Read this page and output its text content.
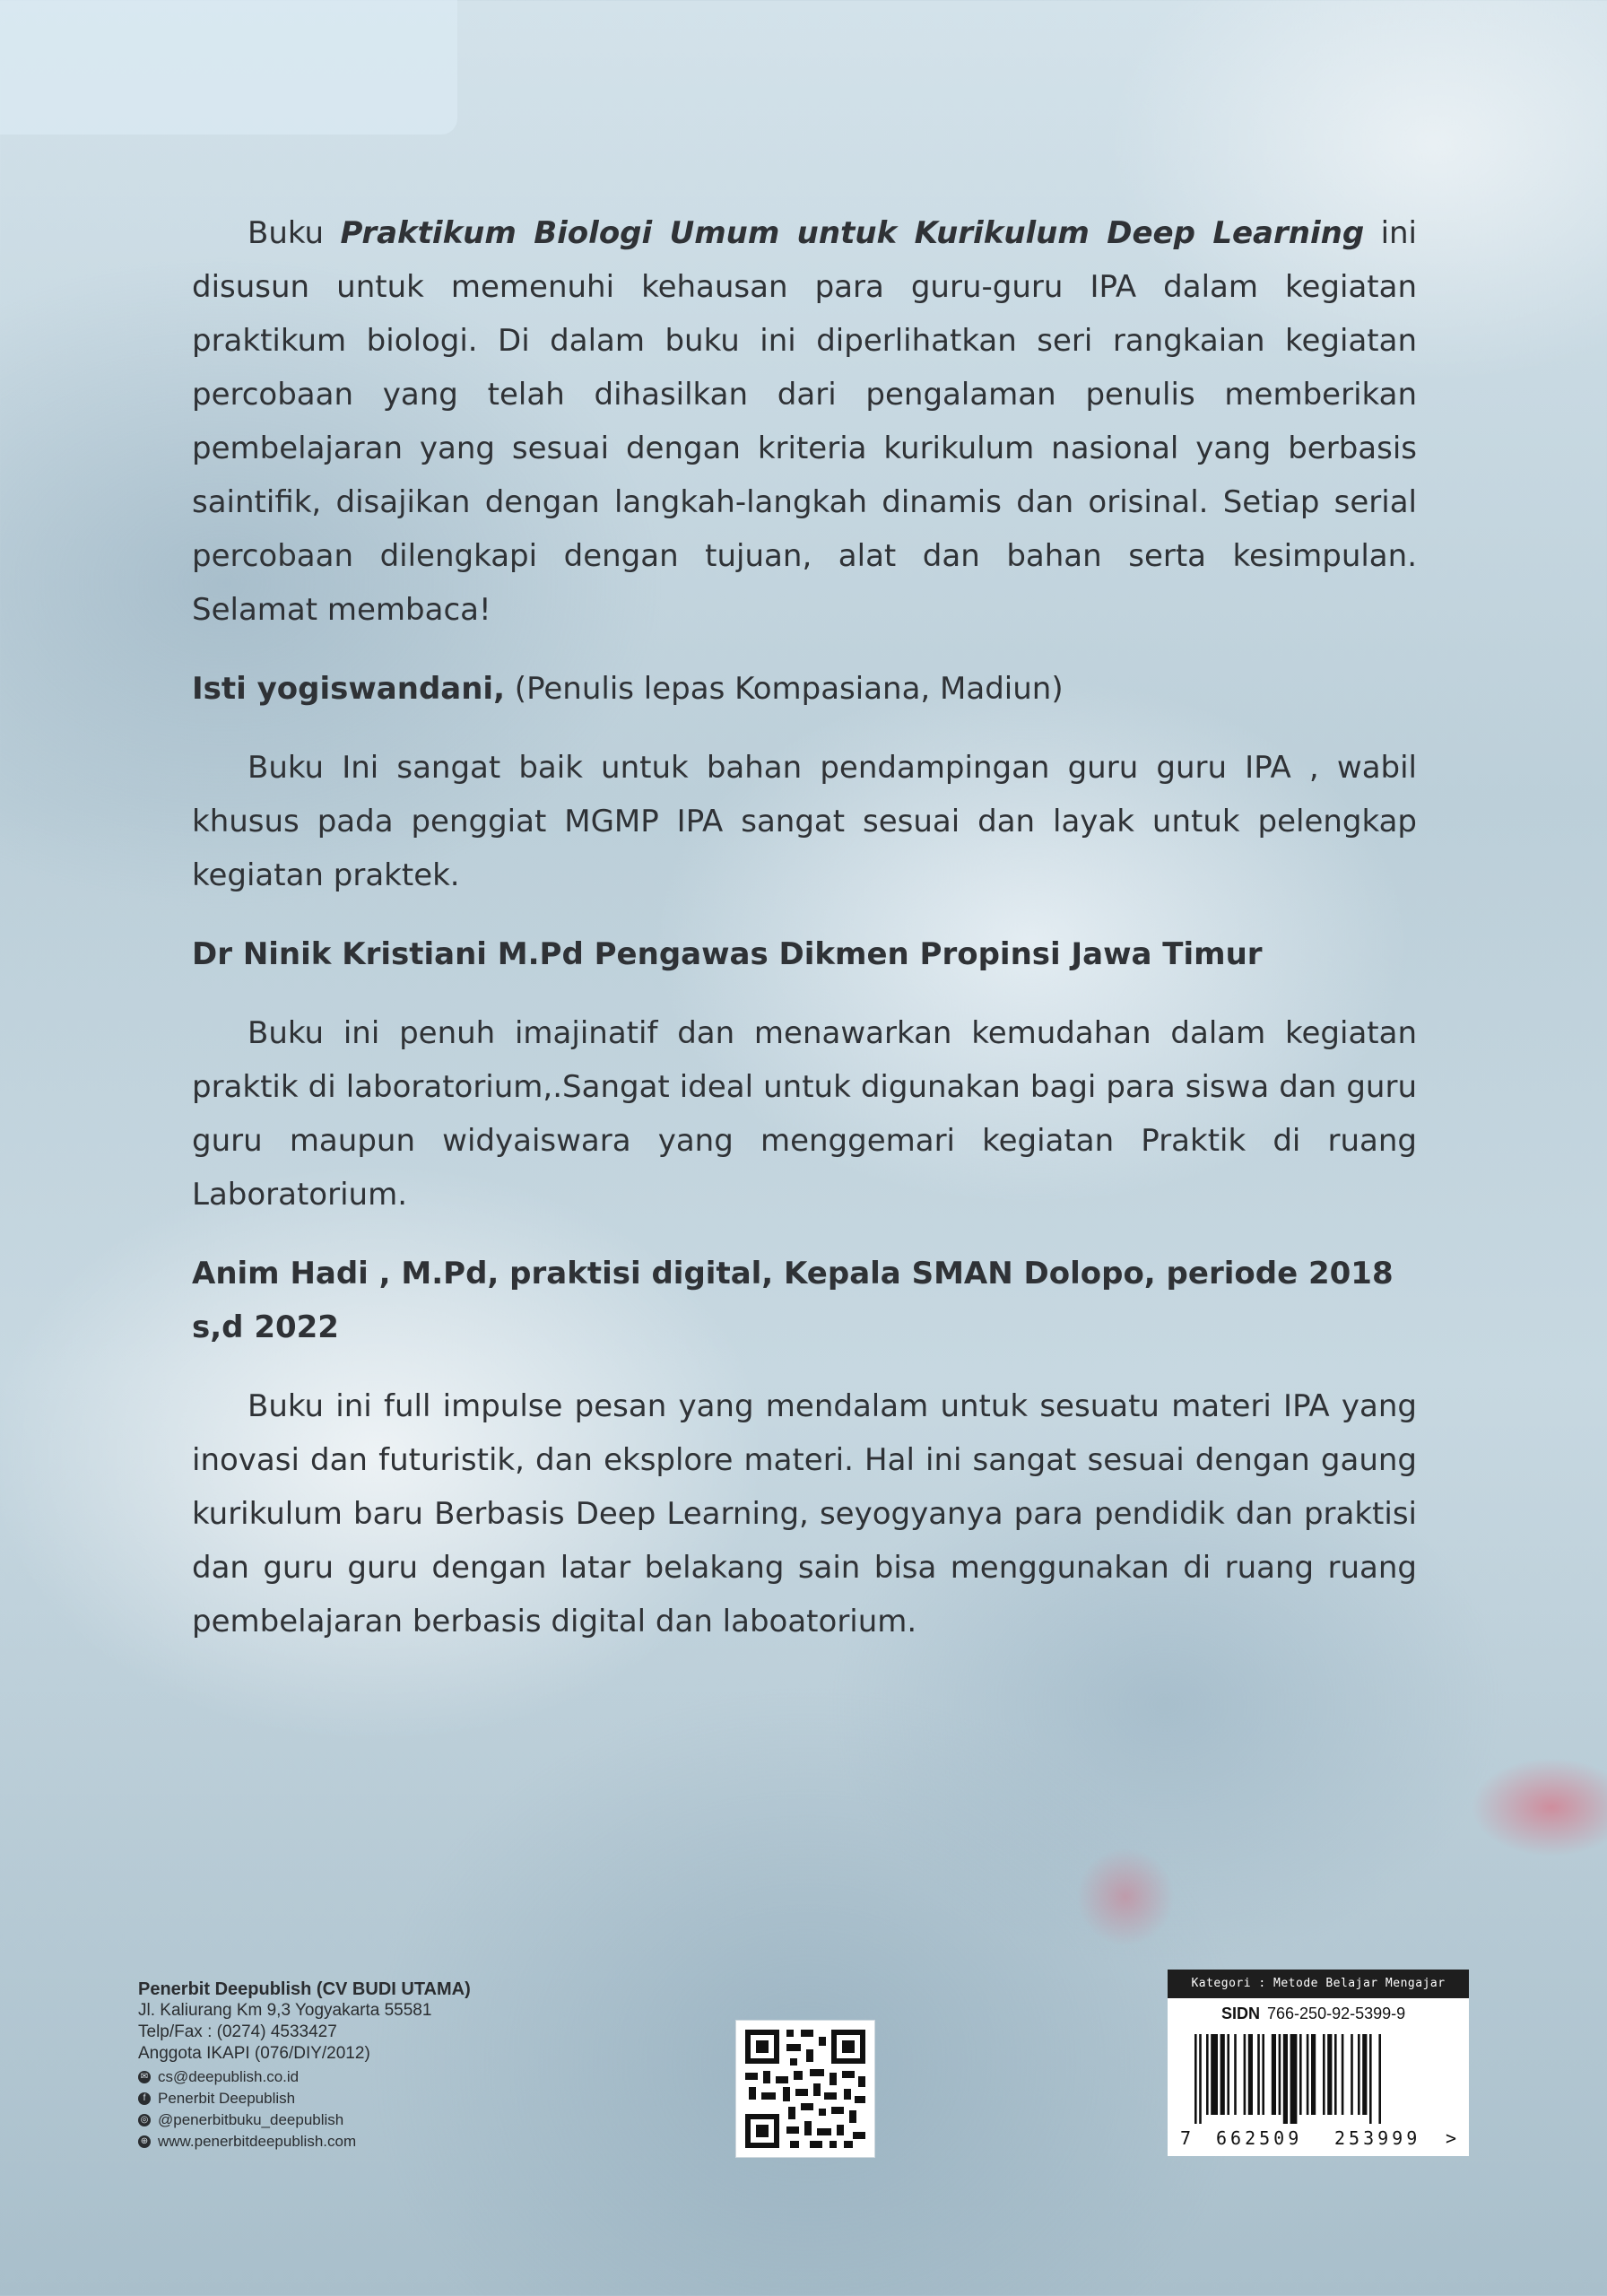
Buku Praktikum Biologi Umum untuk Kurikulum Deep Learning ini disusun untuk memenuhi kehausan para guru-guru IPA dalam kegiatan praktikum biologi. Di dalam buku ini diperlihatkan seri rangkaian kegiatan percobaan yang telah dihasilkan dari pengalaman penulis memberikan pembelajaran yang sesuai dengan kriteria kurikulum nasional yang berbasis saintifik, disajikan dengan langkah-langkah dinamis dan orisinal. Setiap serial percobaan dilengkapi dengan tujuan, alat dan bahan serta kesimpulan. Selamat membaca!

Isti yogiswandani, (Penulis lepas Kompasiana, Madiun)

Buku Ini sangat baik untuk bahan pendampingan guru guru IPA , wabil khusus pada penggiat MGMP IPA sangat sesuai dan layak untuk pelengkap kegiatan praktek.

Dr Ninik Kristiani M.Pd Pengawas Dikmen Propinsi Jawa Timur

Buku ini penuh imajinatif dan menawarkan kemudahan dalam kegiatan praktik di laboratorium,.Sangat ideal untuk digunakan bagi para siswa dan guru guru maupun widyaiswara yang menggemari kegiatan Praktik di ruang Laboratorium.

Anim Hadi , M.Pd, praktisi digital, Kepala SMAN Dolopo, periode 2018 s,d 2022

Buku ini full impulse pesan yang mendalam untuk sesuatu materi IPA yang inovasi dan futuristik, dan eksplore materi. Hal ini sangat sesuai dengan gaung kurikulum baru Berbasis Deep Learning, seyogyanya para pendidik dan praktisi dan guru guru dengan latar belakang sain bisa menggunakan di ruang ruang pembelajaran berbasis digital dan laboatorium.

Penerbit Deepublish (CV BUDI UTAMA)
Jl. Kaliurang Km 9,3 Yogyakarta 55581
Telp/Fax : (0274) 4533427
Anggota IKAPI (076/DIY/2012)
✉ cs@deepublish.co.id
f Penerbit Deepublish
◎ @penerbitbuku_deepublish
⊕ www.penerbitdeepublish.com
Kategori : Metode Belajar Mengajar
SIDN 766-250-92-5399-9
7 662509 253999 >
